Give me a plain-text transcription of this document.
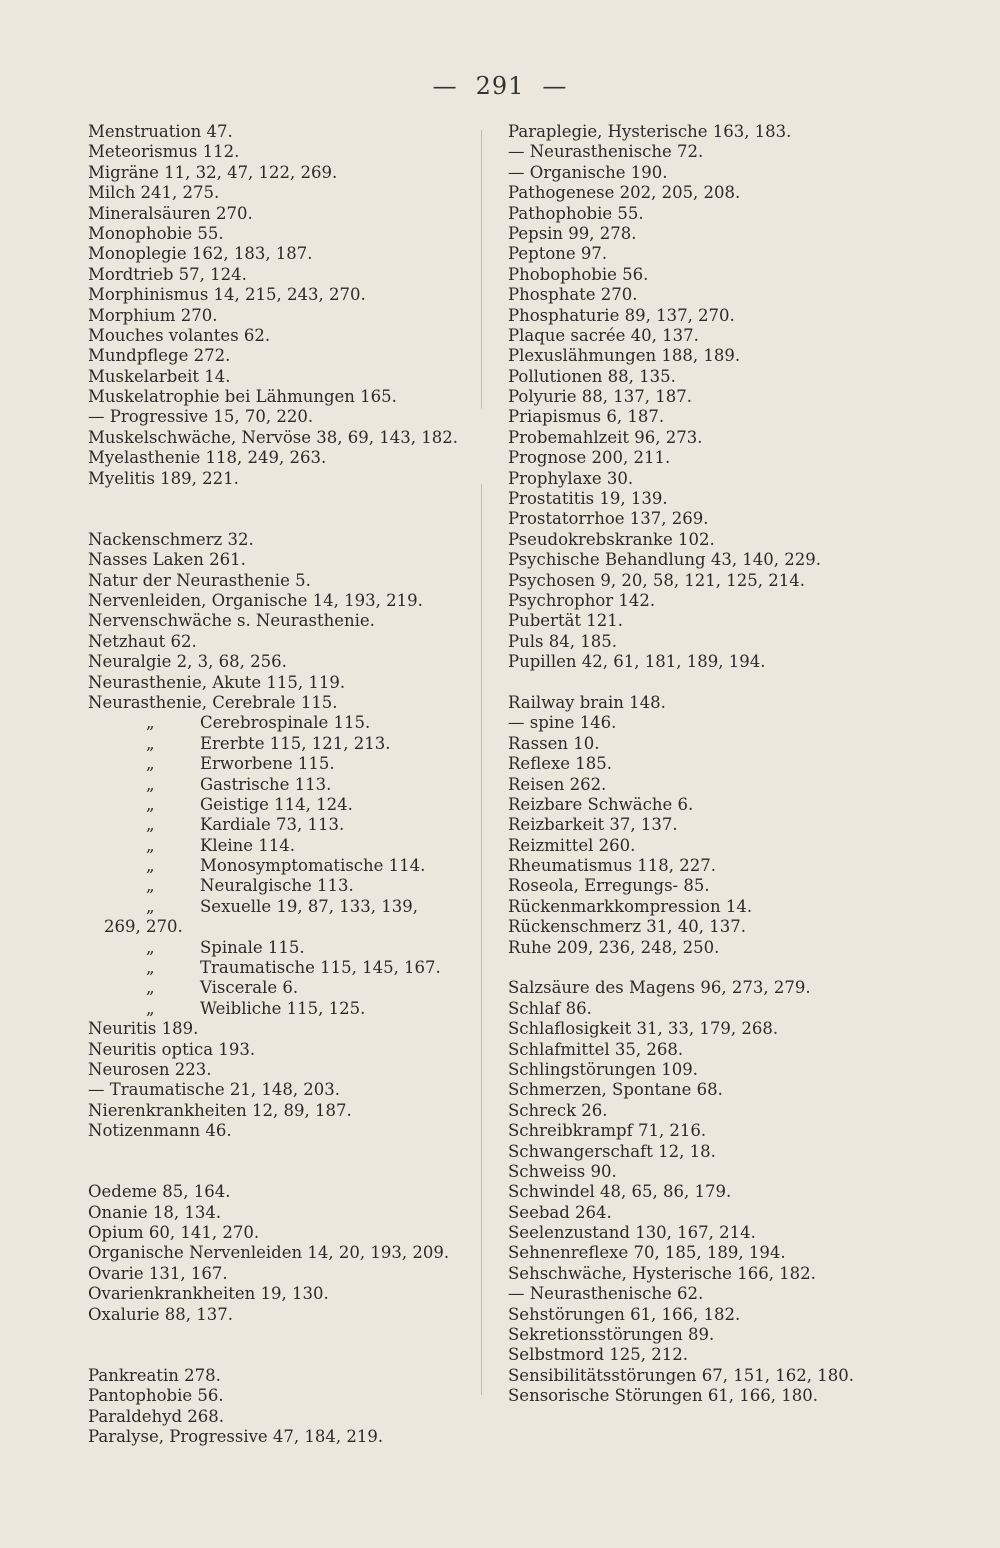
— 291 —
Menstruation 47.
Meteorismus 112.
Migräne 11, 32, 47, 122, 269.
Milch 241, 275.
Mineralsäuren 270.
Monophobie 55.
Monoplegie 162, 183, 187.
Mordtrieb 57, 124.
Morphinismus 14, 215, 243, 270.
Morphium 270.
Mouches volantes 62.
Mundpflege 272.
Muskelarbeit 14.
Muskelatrophie bei Lähmungen 165.
— Progressive 15, 70, 220.
Muskelschwäche, Nervöse 38, 69, 143, 182.
Myelasthenie 118, 249, 263.
Myelitis 189, 221.
Nackenschmerz 32.
Nasses Laken 261.
Natur der Neurasthenie 5.
Nervenleiden, Organische 14, 193, 219.
Nervenschwäche s. Neurasthenie.
Netzhaut 62.
Neuralgie 2, 3, 68, 256.
Neurasthenie, Akute 115, 119.
Neurasthenie, Cerebrale 115.
„	Cerebrospinale 115.
„	Ererbte 115, 121, 213.
„	Erworbene 115.
„	Gastrische 113.
„	Geistige 114, 124.
„	Kardiale 73, 113.
„	Kleine 114.
„	Monosymptomatische 114.
„	Neuralgische 113.
„	Sexuelle 19, 87, 133, 139,
269, 270.
„	Spinale 115.
„	Traumatische 115, 145, 167.
„	Viscerale 6.
„	Weibliche 115, 125.
Neuritis 189.
Neuritis optica 193.
Neurosen 223.
— Traumatische 21, 148, 203.
Nierenkrankheiten 12, 89, 187.
Notizenmann 46.
Oedeme 85, 164.
Onanie 18, 134.
Opium 60, 141, 270.
Organische Nervenleiden 14, 20, 193, 209.
Ovarie 131, 167.
Ovarienkrankheiten 19, 130.
Oxalurie 88, 137.
Pankreatin 278.
Pantophobie 56.
Paraldehyd 268.
Paralyse, Progressive 47, 184, 219.
Paraplegie, Hysterische 163, 183.
— Neurasthenische 72.
— Organische 190.
Pathogenese 202, 205, 208.
Pathophobie 55.
Pepsin 99, 278.
Peptone 97.
Phobophobie 56.
Phosphate 270.
Phosphaturie 89, 137, 270.
Plaque sacrée 40, 137.
Plexuslähmungen 188, 189.
Pollutionen 88, 135.
Polyurie 88, 137, 187.
Priapismus 6, 187.
Probemahlzeit 96, 273.
Prognose 200, 211.
Prophylaxe 30.
Prostatitis 19, 139.
Prostatorrhoe 137, 269.
Pseudokrebskranke 102.
Psychische Behandlung 43, 140, 229.
Psychosen 9, 20, 58, 121, 125, 214.
Psychrophor 142.
Pubertät 121.
Puls 84, 185.
Pupillen 42, 61, 181, 189, 194.
Railway brain 148.
— spine 146.
Rassen 10.
Reflexe 185.
Reisen 262.
Reizbare Schwäche 6.
Reizbarkeit 37, 137.
Reizmittel 260.
Rheumatismus 118, 227.
Roseola, Erregungs- 85.
Rückenmarkkompression 14.
Rückenschmerz 31, 40, 137.
Ruhe 209, 236, 248, 250.
Salzsäure des Magens 96, 273, 279.
Schlaf 86.
Schlaflosigkeit 31, 33, 179, 268.
Schlafmittel 35, 268.
Schlingstörungen 109.
Schmerzen, Spontane 68.
Schreck 26.
Schreibkrampf 71, 216.
Schwangerschaft 12, 18.
Schweiss 90.
Schwindel 48, 65, 86, 179.
Seebad 264.
Seelenzustand 130, 167, 214.
Sehnenreflexe 70, 185, 189, 194.
Sehschwäche, Hysterische 166, 182.
— Neurasthenische 62.
Sehstörungen 61, 166, 182.
Sekretionsstörungen 89.
Selbstmord 125, 212.
Sensibilitätsstörungen 67, 151, 162, 180.
Sensorische Störungen 61, 166, 180.
